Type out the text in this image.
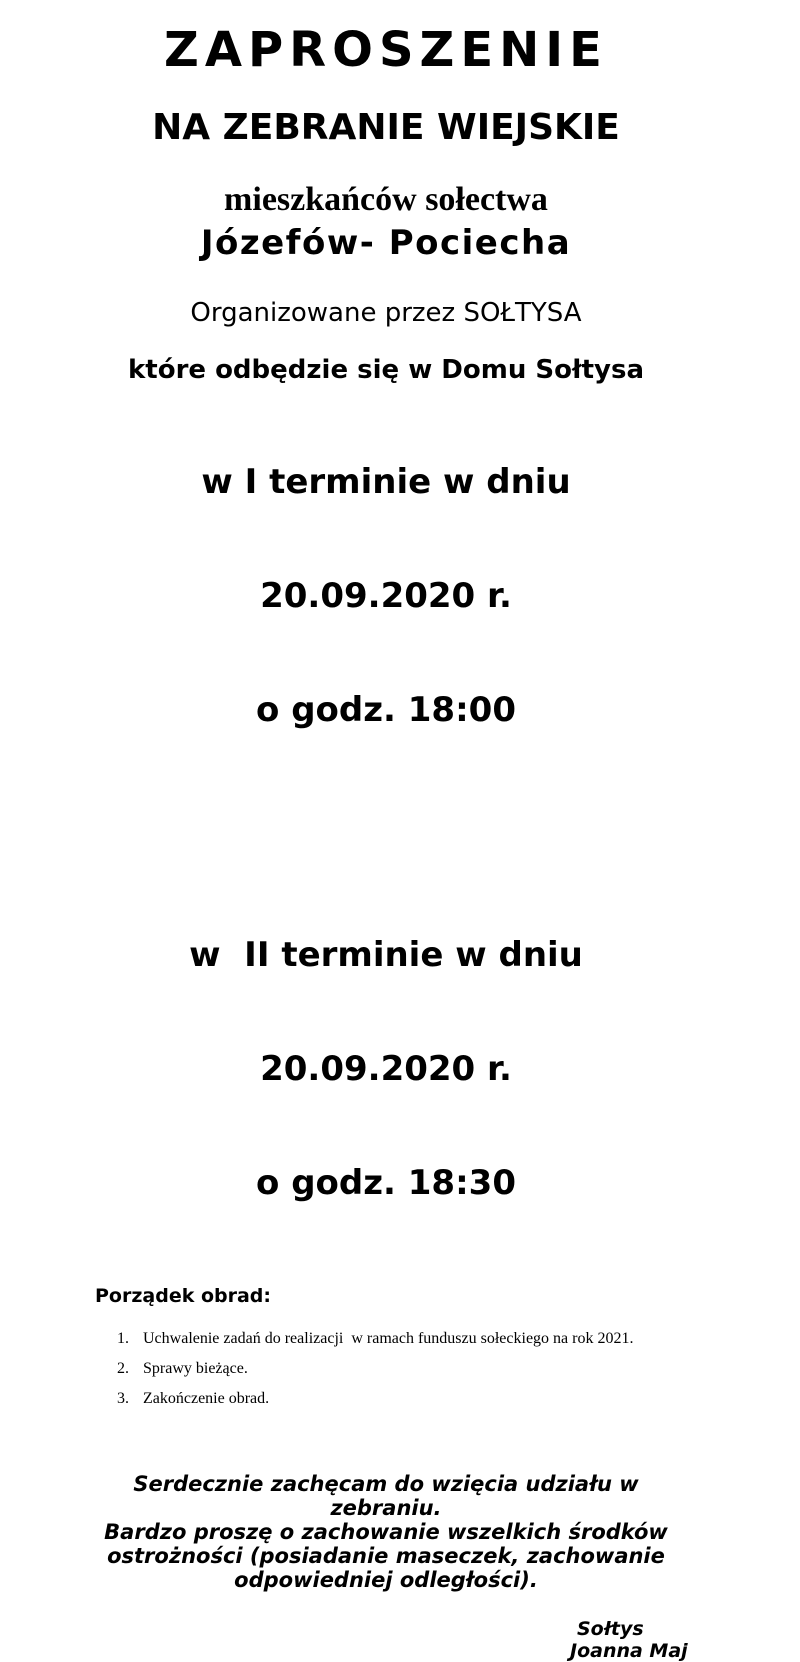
ZAPROSZENIE
NA ZEBRANIE WIEJSKIE
mieszkańców sołectwa
Józefów- Pociecha
Organizowane przez SOŁTYSA
które odbędzie się w Domu Sołtysa

w I terminie w dniu

20.09.2020 r.

o godz. 18:00

w  II terminie w dniu

20.09.2020 r.

o godz. 18:30

Porządek obrad:
1. Uchwalenie zadań do realizacji  w ramach funduszu sołeckiego na rok 2021.
2. Sprawy bieżące.
3. Zakończenie obrad.

Serdecznie zachęcam do wzięcia udziału w zebraniu.

Bardzo proszę o zachowanie wszelkich środków ostrożności (posiadanie maseczek, zachowanie odpowiedniej odległości).

Sołtys
Joanna Maj
